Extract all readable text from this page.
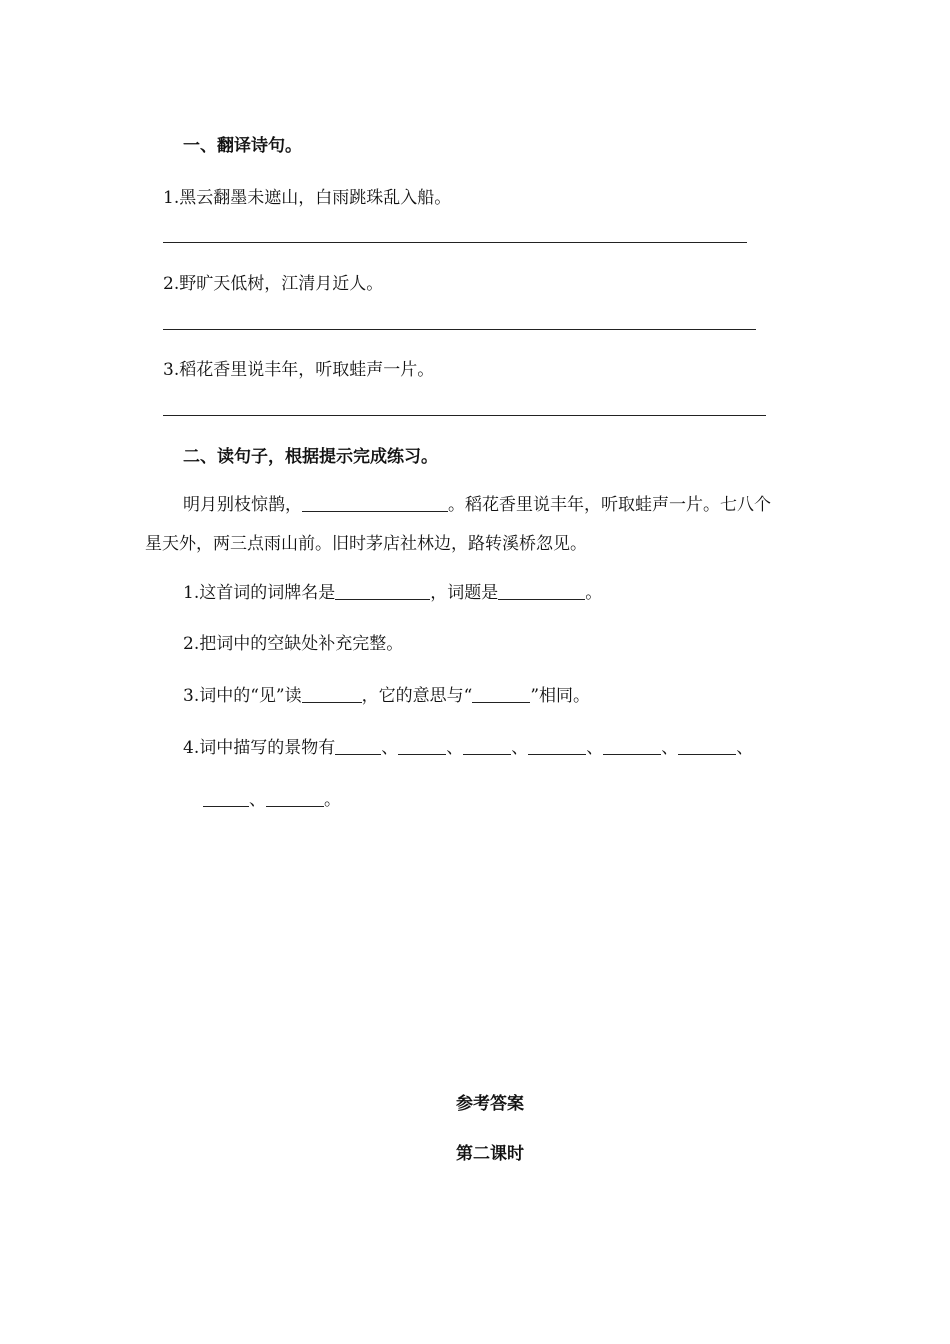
一、翻译诗句。
1.黑云翻墨未遮山，白雨跳珠乱入船。
2.野旷天低树，江清月近人。
3.稻花香里说丰年，听取蛙声一片。
二、读句子，根据提示完成练习。
明月别枝惊鹊，	。稻花香里说丰年，听取蛙声一片。七八个
星天外，两三点雨山前。旧时茅店社林边，路转溪桥忽见。
1.这首词的词牌名是	，词题是	。
2.把词中的空缺处补充完整。
3.词中的“见”读	，它的意思与“	”相同。
4.词中描写的景物有	、	、	、	、	、	、
、	。
参考答案
第二课时
